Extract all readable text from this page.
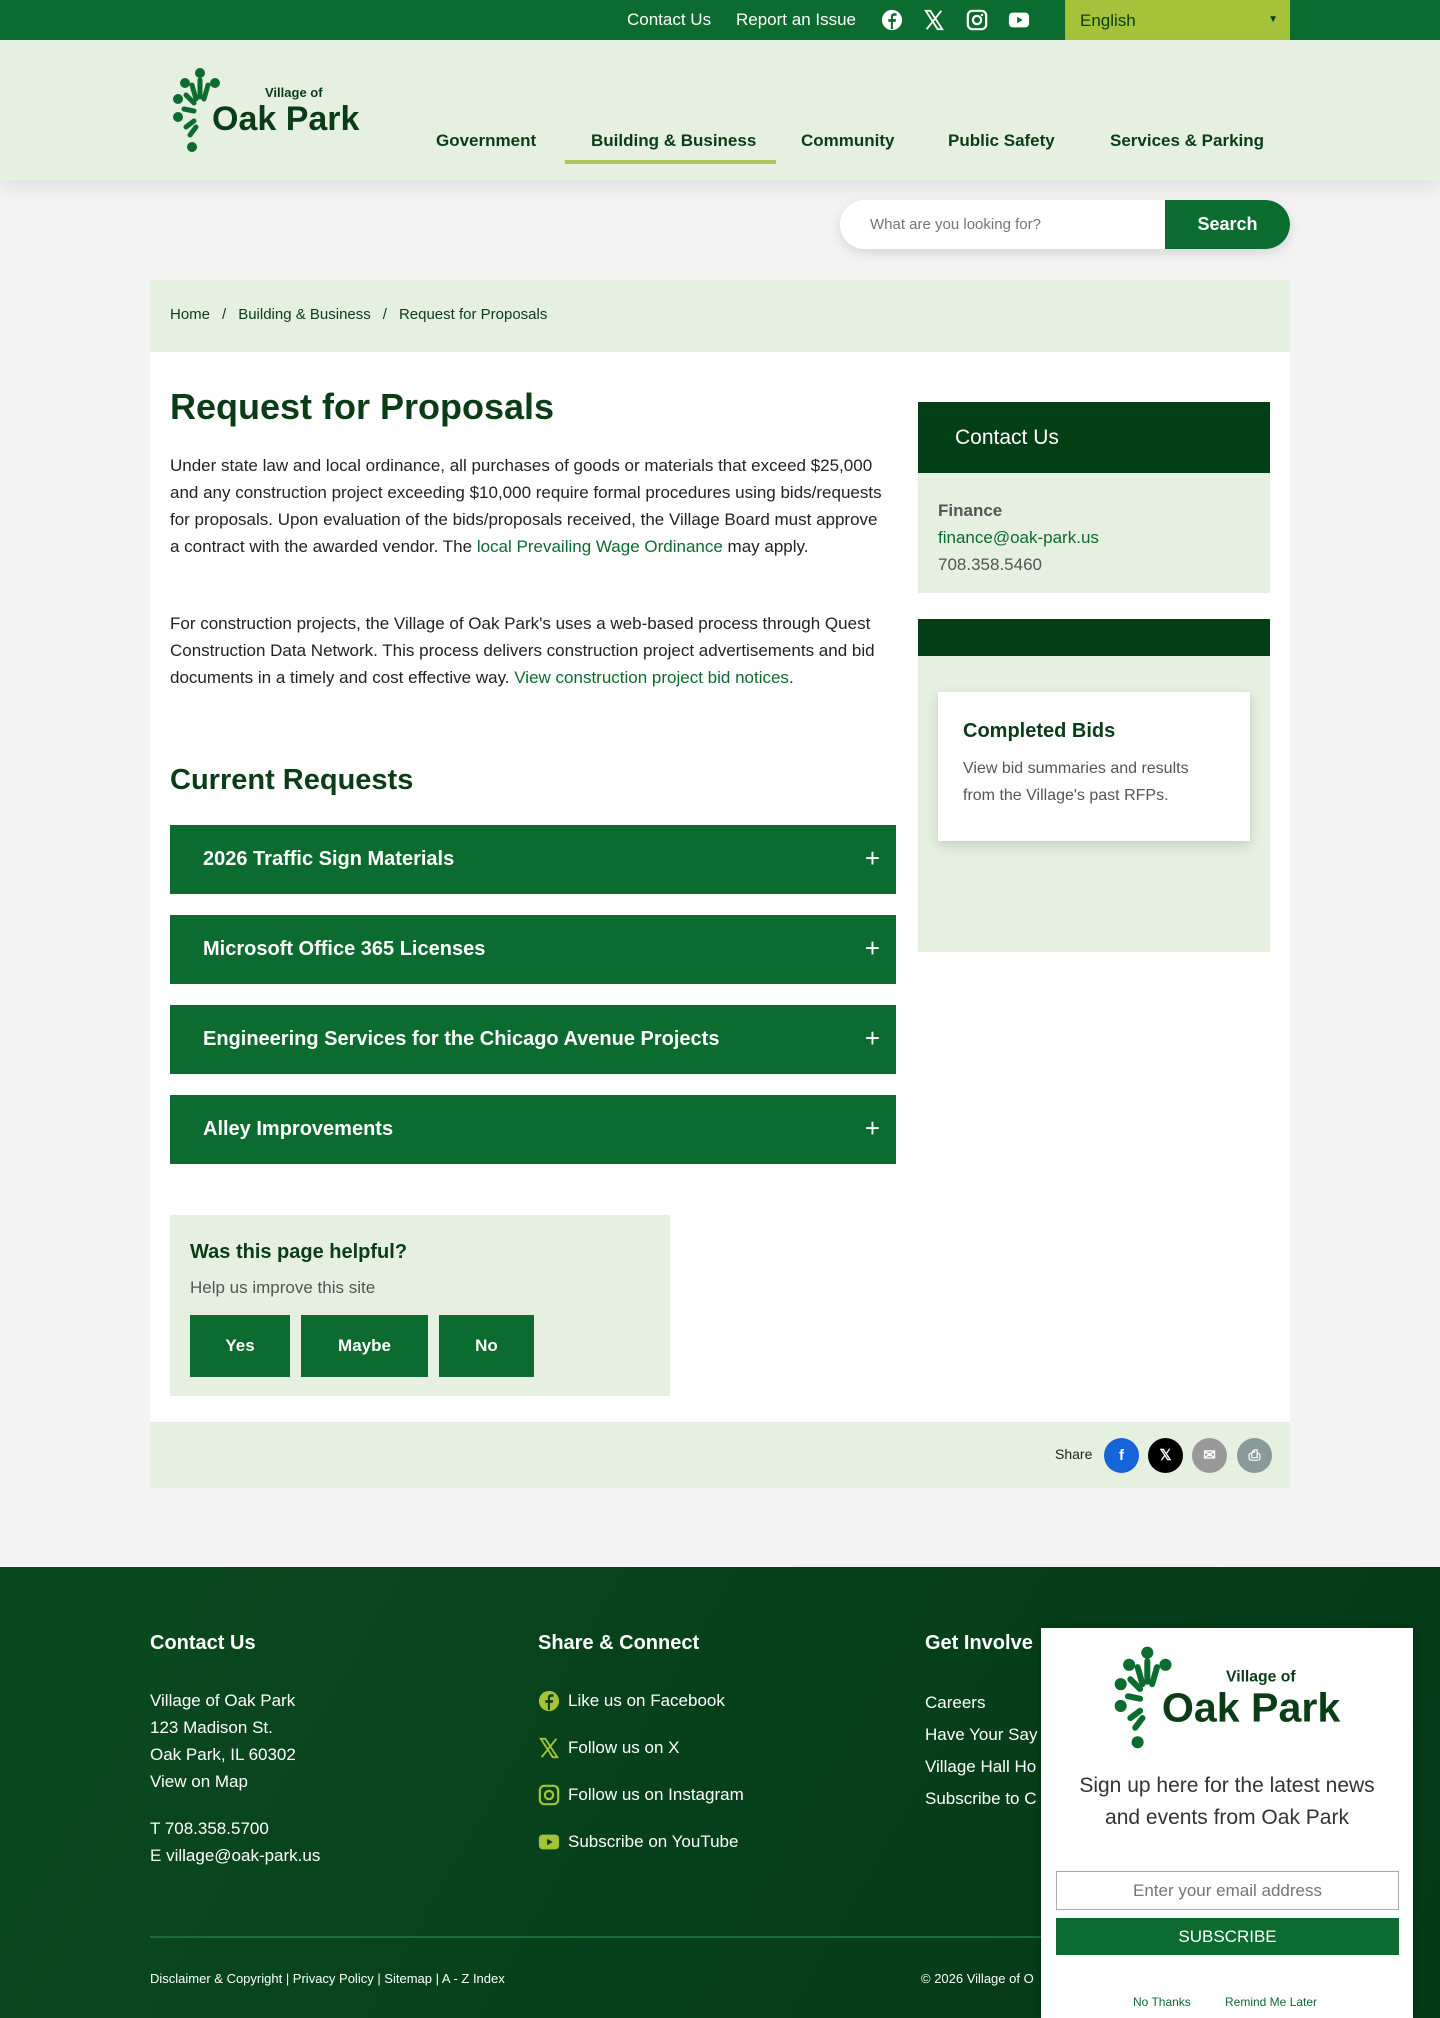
Contact Us Report an Issue	English	▼
Village of
Oak Park
Government	Building & Business	Community	Public Safety	Services & Parking
What are you looking for?
Search
Home / Building & Business / Request for Proposals
Request for Proposals

Under state law and local ordinance, all purchases of goods or materials that exceed $25,000 and any construction project exceeding $10,000 require formal procedures using bids/requests for proposals. Upon evaluation of the bids/proposals received, the Village Board must approve a contract with the awarded vendor. The local Prevailing Wage Ordinance may apply.

For construction projects, the Village of Oak Park's uses a web-based process through Quest Construction Data Network. This process delivers construction project advertisements and bid documents in a timely and cost effective way. View construction project bid notices.

Current Requests
2026 Traffic Sign Materials	+
Microsoft Office 365 Licenses	+
Engineering Services for the Chicago Avenue Projects	+
Alley Improvements	+
Was this page helpful?

Help us improve this site

Yes	Maybe	No
Contact Us
Finance
finance@oak-park.us
708.358.5460
Completed Bids

View bid summaries and results from the Village's past RFPs.

Share	f	𝕏	✉	⎙
Contact Us
Village of Oak Park
123 Madison St.
Oak Park, IL 60302
View on Map
T 708.358.5700
E village@oak-park.us
Share & Connect
Like us on Facebook
Follow us on X
Follow us on Instagram
Subscribe on YouTube
Get Involve
Careers
Have Your Say
Village Hall Ho
Subscribe to C
Disclaimer & Copyright | Privacy Policy | Sitemap | A - Z Index	© 2026 Village of O
Village of
Oak Park

Sign up here for the latest news and events from Oak Park

Enter your email address
SUBSCRIBE
No Thanks	Remind Me Later
